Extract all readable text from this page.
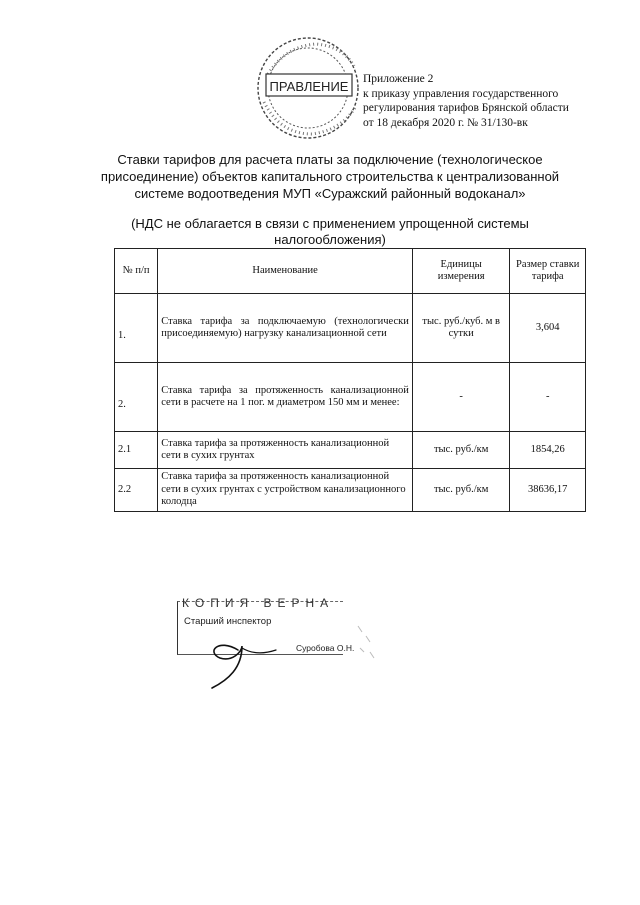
ПРАВЛЕНИЕ Приложение 2
к приказу управления государственного
регулирования тарифов Брянской области
от 18 декабря 2020 г. № 31/130-вк
Ставки тарифов для расчета платы за подключение (технологическое
присоединение) объектов капитального строительства к централизованной
системе водоотведения МУП «Суражский районный водоканал»
(НДС не облагается в связи с применением упрощенной системы
налогообложения)
№ п/п	Наименование	Единицы измерения	Размер ставки тарифа
1.	Ставка тарифа за подключаемую (технологически присоединяемую) нагрузку канализационной сети	тыс. руб./куб. м в сутки	3,604
2.	Ставка тарифа за протяженность канализационной сети в расчете на 1 пог. м диаметром 150 мм и менее:	-	-
2.1	Ставка тарифа за протяженность канализационной сети в сухих грунтах	тыс. руб./км	1854,26
2.2	Ставка тарифа за протяженность канализационной сети в сухих грунтах с устройством канализационного колодца	тыс. руб./км	38636,17
КОПИЯ ВЕРНА
Старший инспектор
Суробова О.Н.
